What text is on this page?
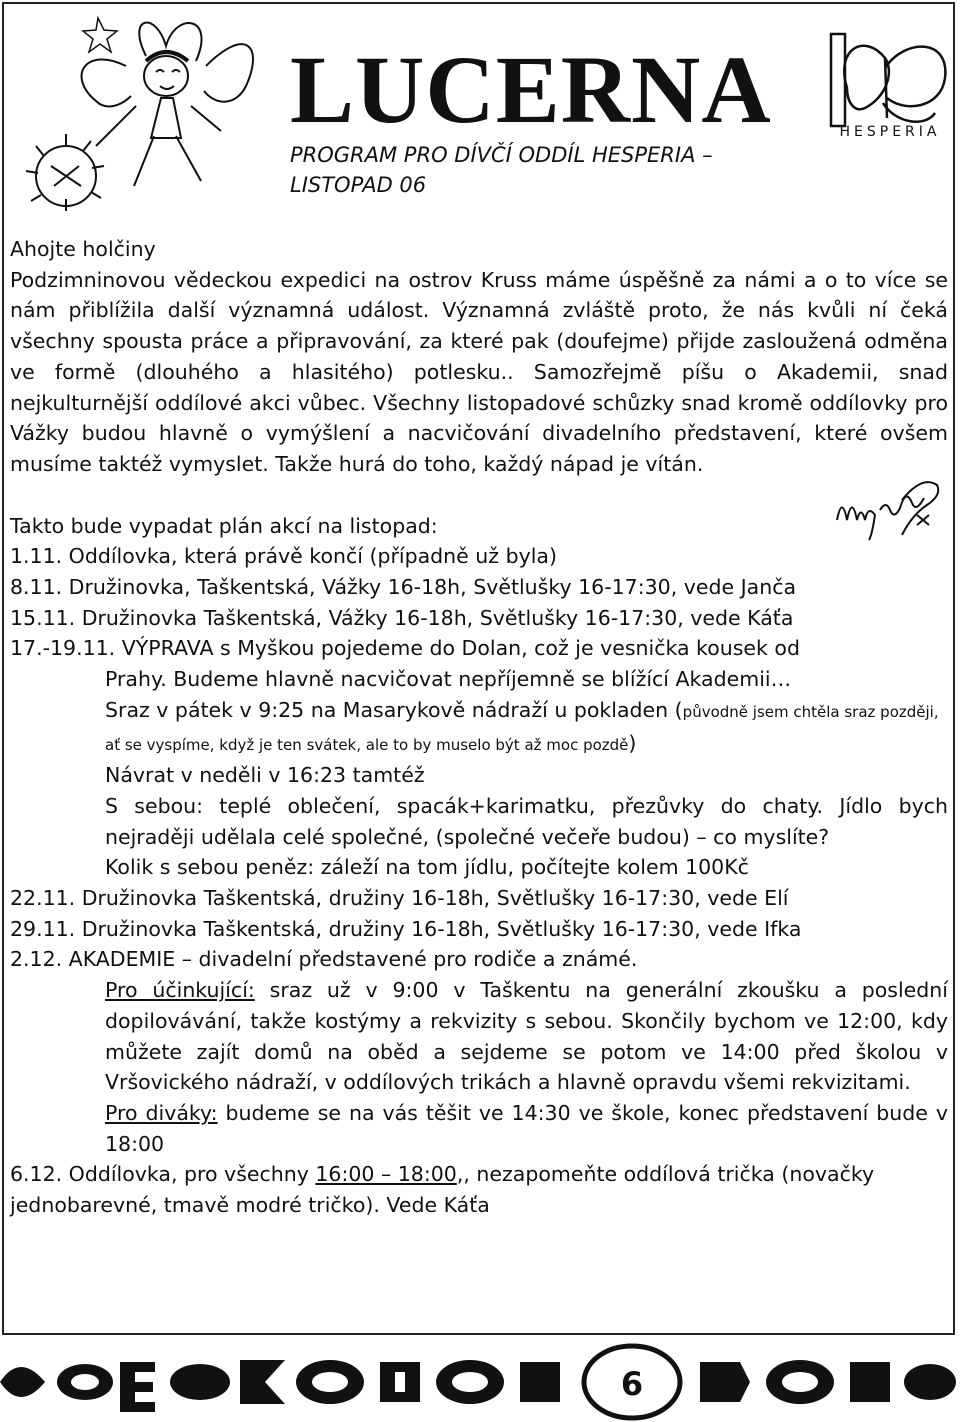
LUCERNA
PROGRAM PRO DÍVČÍ ODDÍL HESPERIA – LISTOPAD 06
HESPERIA

Ahojte holčiny

Podzimninovou vědeckou expedici na ostrov Kruss máme úspěšně za námi a o to více se nám přiblížila další významná událost. Významná zvláště proto, že nás kvůli ní čeká všechny spousta práce a připravování, za které pak (doufejme) přijde zasloužená odměna ve formě (dlouhého a hlasitého) potlesku.. Samozřejmě píšu o Akademii, snad nejkulturnější oddílové akci vůbec. Všechny listopadové schůzky snad kromě oddílovky pro Vážky budou hlavně o vymýšlení a nacvičování divadelního představení, které ovšem musíme taktéž vymyslet. Takže hurá do toho, každý nápad je vítán.

Takto bude vypadat plán akcí na listopad:

1.11. Oddílovka, která právě končí (případně už byla)

8.11. Družinovka, Taškentská, Vážky 16-18h, Světlušky 16-17:30, vede Janča

15.11. Družinovka Taškentská, Vážky 16-18h, Světlušky 16-17:30, vede Káťa

17.-19.11. VÝPRAVA s Myškou pojedeme do Dolan, což je vesnička kousek od

Prahy. Budeme hlavně nacvičovat nepříjemně se blížící Akademii…

Sraz v pátek v 9:25 na Masarykově nádraží u pokladen (původně jsem chtěla sraz později, ať se vyspíme, když je ten svátek, ale to by muselo být až moc pozdě)

Návrat v neděli v 16:23 tamtéž

S sebou: teplé oblečení, spacák+karimatku, přezůvky do chaty. Jídlo bych nejraději udělala celé společné, (společné večeře budou) – co myslíte?

Kolik s sebou peněz: záleží na tom jídlu, počítejte kolem 100Kč

22.11. Družinovka Taškentská, družiny 16-18h, Světlušky 16-17:30, vede Elí

29.11. Družinovka Taškentská, družiny 16-18h, Světlušky 16-17:30, vede Ifka

2.12. AKADEMIE – divadelní představené pro rodiče a známé.

Pro účinkující: sraz už v 9:00 v Taškentu na generální zkoušku a poslední dopilovávání, takže kostýmy a rekvizity s sebou. Skončily bychom ve 12:00, kdy můžete zajít domů na oběd a sejdeme se potom ve 14:00 před školou v Vršovického nádraží, v oddílových trikách a hlavně opravdu všemi rekvizitami.

Pro diváky: budeme se na vás těšit ve 14:30 ve škole, konec představení bude v 18:00

6.12. Oddílovka, pro všechny 16:00 – 18:00,, nezapomeňte oddílová trička (novačky jednobarevné, tmavě modré tričko). Vede Káťa

6
